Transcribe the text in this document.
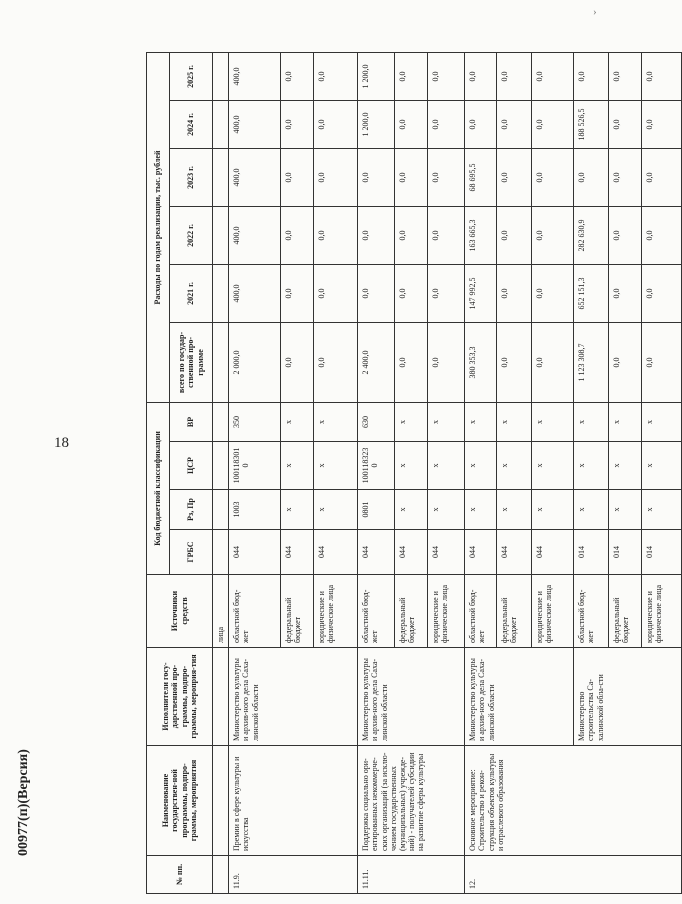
18
00977(п)(Версия)
›
№ пп.	Наименование государствен-ной программы, подпро-граммы, мероприятия	Исполнители госу-дарственной про-граммы, подпро-граммы, мероприя-тия	Источники средств	Код бюджетной классификации				Расходы по годам реализации, тыс. рублей					
				ГРБС	Рз, Пр	ЦСР	ВР	всего по государ-ственной про-грамме	2021 г.	2022 г.	2023 г.	2024 г.	2025 г.
			лица										
11.9.	Премии в сфере культуры и искусства	Министерство культуры и архив-ного дела Саха-линской области	областной бюд-жет	044	1003	1001183010	350	2 000,0	400,0	400,0	400,0	400,0	400,0
			федеральный бюджет	044	х	х	х	0,0	0,0	0,0	0,0	0,0	0,0
			юридические и физические лица	044	х	х	х	0,0	0,0	0,0	0,0	0,0	0,0
11.11.	Поддержка социально ори-ентированных некоммерче-ских организаций (за исклю-чением государственных (муниципальных) учрежде-ний) - получателей субсидии на развитие сферы культуры	Министерство культуры и архив-ного дела Саха-линской области	областной бюд-жет	044	0801	1001183230	630	2 400,0	0,0	0,0	0,0	1 200,0	1 200,0
			федеральный бюджет	044	х	х	х	0,0	0,0	0,0	0,0	0,0	0,0
			юридические и физические лица	044	х	х	х	0,0	0,0	0,0	0,0	0,0	0,0
12.	Основное мероприятие: Строительство и рекон-струкция объектов культуры и отраслевого образования	Министерство культуры и архив-ного дела Саха-линской области	областной бюд-жет	044	х	х	х	380 353,3	147 992,5	163 665,3	68 695,5	0,0	0,0
			федеральный бюджет	044	х	х	х	0,0	0,0	0,0	0,0	0,0	0,0
			юридические и физические лица	044	х	х	х	0,0	0,0	0,0	0,0	0,0	0,0
		Министерство строительства Са-халинской обла-сти	областной бюд-жет	014	х	х	х	1 123 308,7	652 151,3	282 630,9	0,0	188 526,5	0,0
			федеральный бюджет	014	х	х	х	0,0	0,0	0,0	0,0	0,0	0,0
			юридические и физические лица	014	х	х	х	0,0	0,0	0,0	0,0	0,0	0,0
